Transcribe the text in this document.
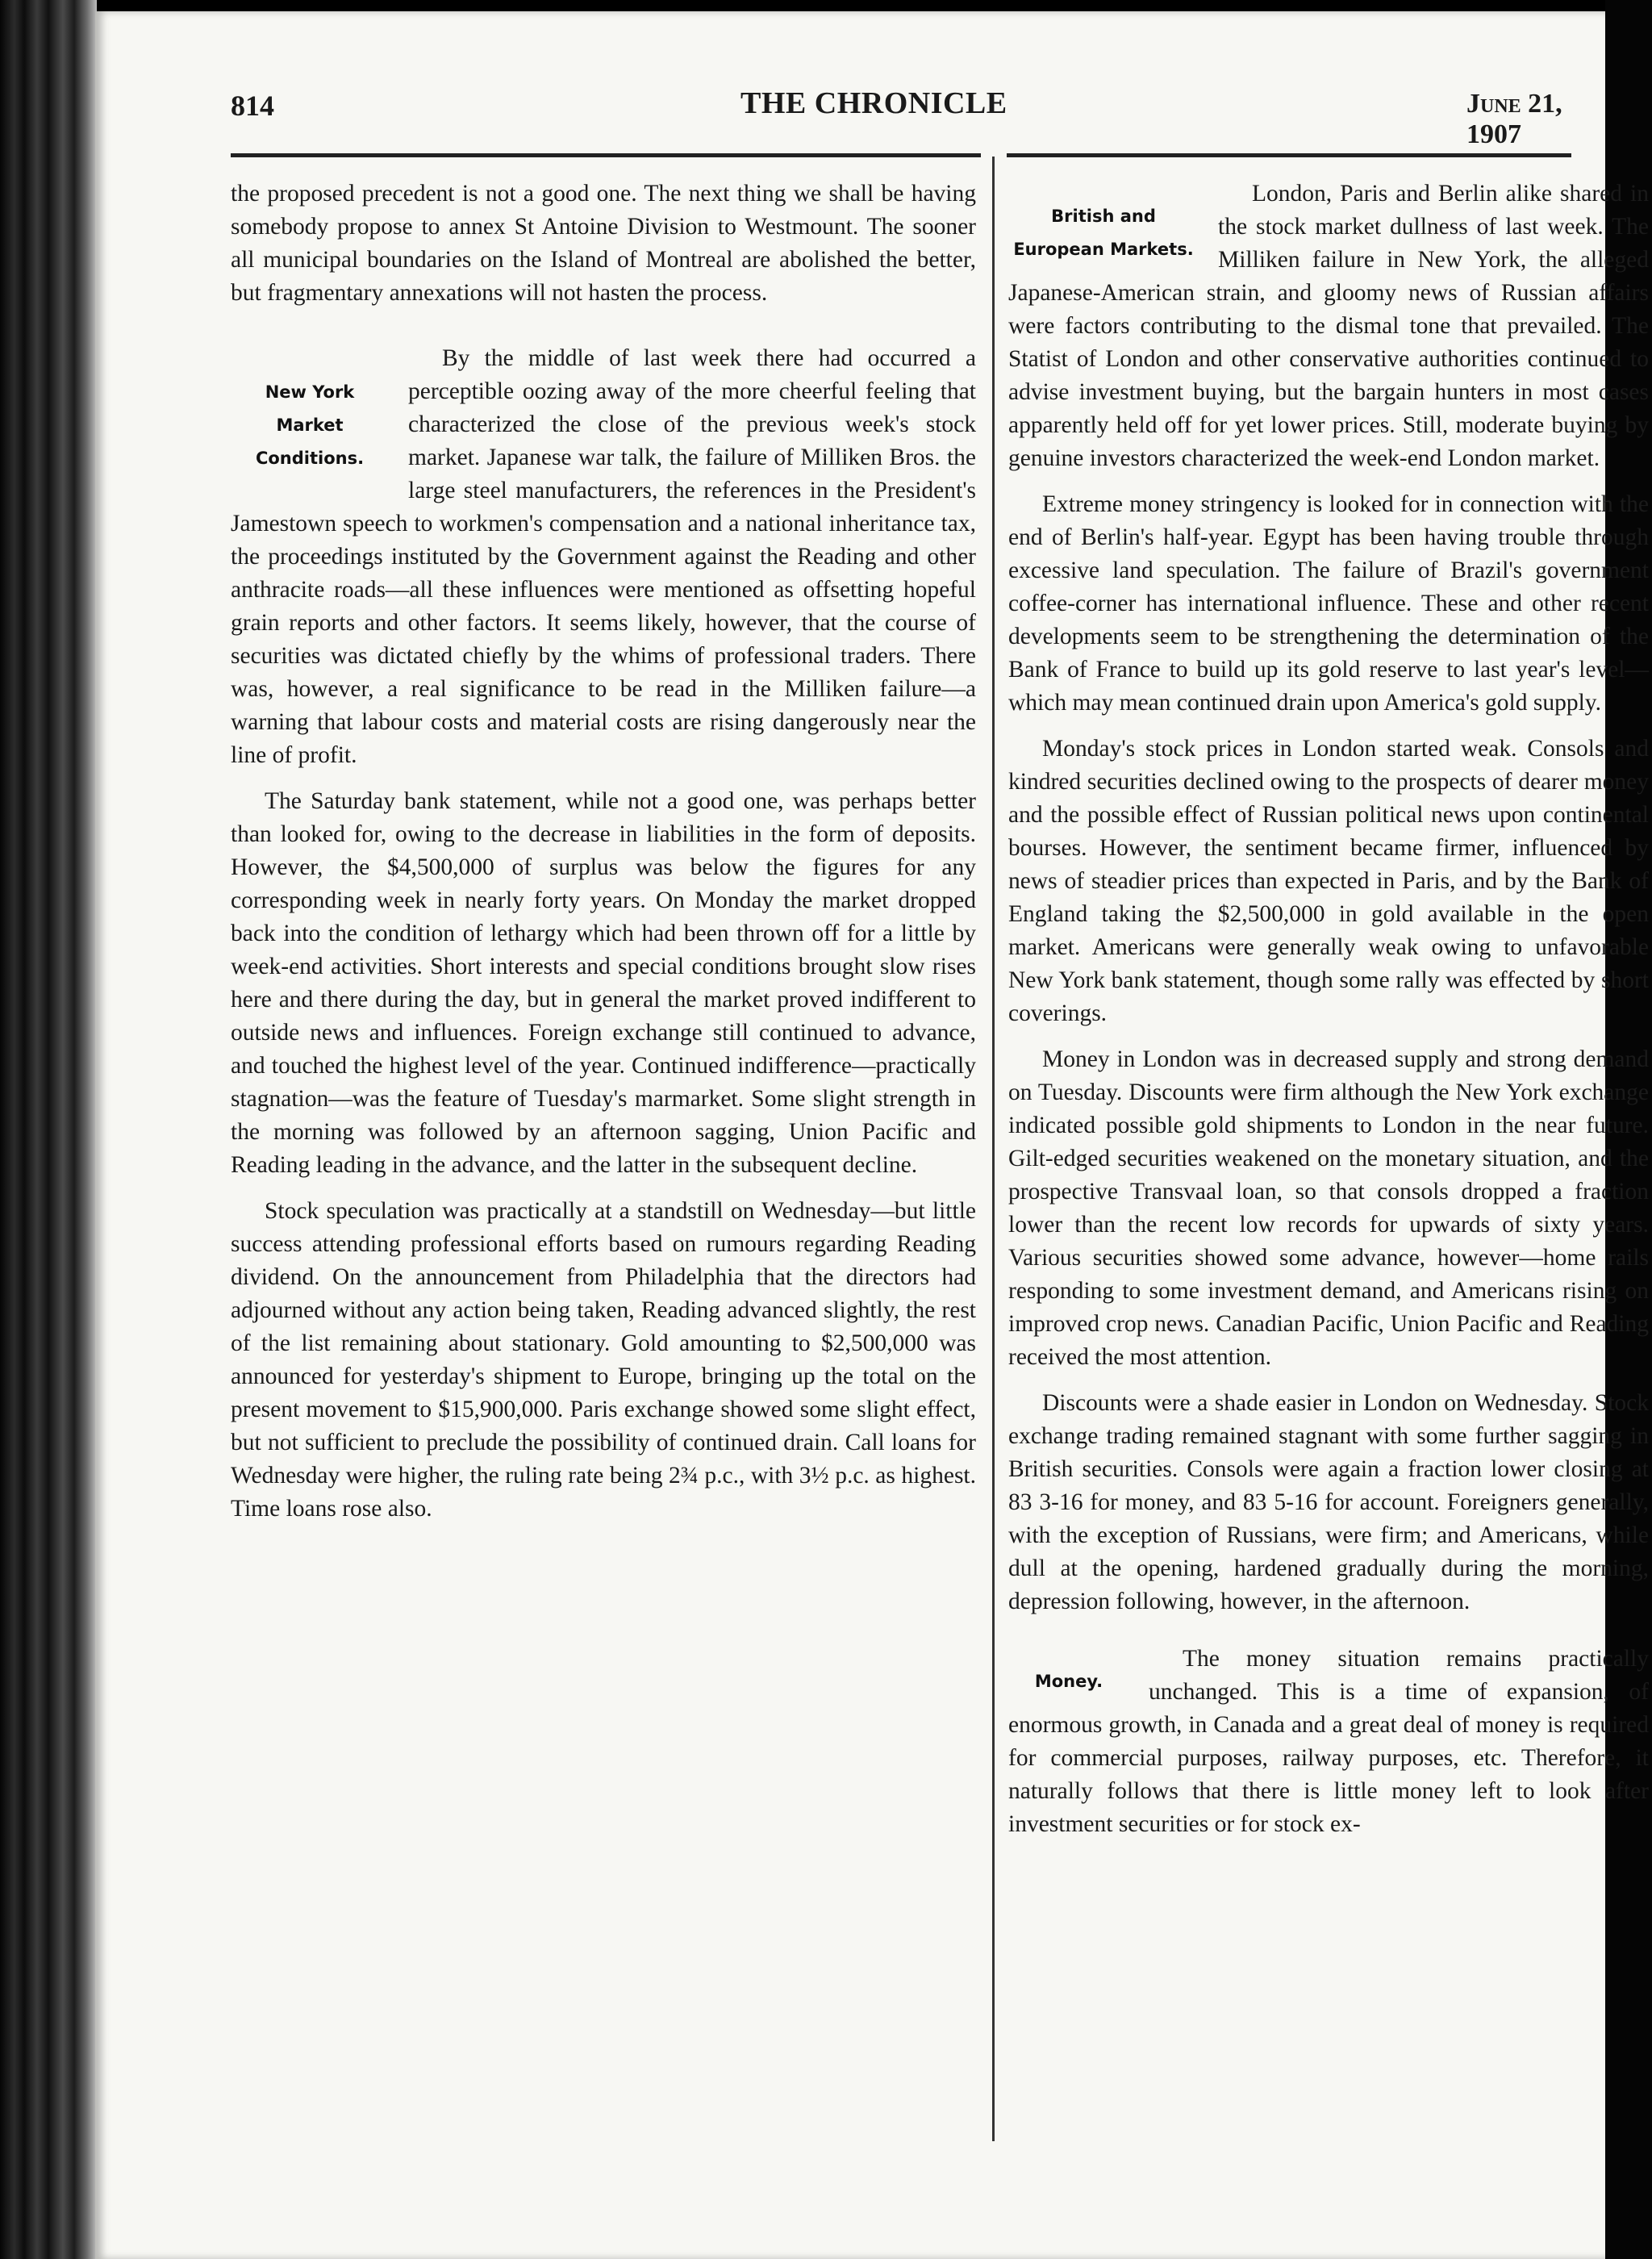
814	THE CHRONICLE	June 21, 1907

the proposed precedent is not a good one. The next thing we shall be having somebody propose to annex St Antoine Division to Westmount. The sooner all municipal boundaries on the Island of Montreal are abolished the better, but fragmentary annexations will not hasten the process.

New York
Market
Conditions.

By the middle of last week there had occurred a perceptible oozing away of the more cheerful feeling that characterized the close of the previous week's stock market. Japanese war talk, the failure of Milliken Bros. the large steel manufacturers, the references in the President's Jamestown speech to workmen's compensation and a national inheritance tax, the proceedings instituted by the Government against the Reading and other anthracite roads—all these influences were mentioned as offsetting hopeful grain reports and other factors. It seems likely, however, that the course of securities was dictated chiefly by the whims of professional traders. There was, however, a real significance to be read in the Milliken failure—a warning that labour costs and material costs are rising dangerously near the line of profit.

The Saturday bank statement, while not a good one, was perhaps better than looked for, owing to the decrease in liabilities in the form of deposits. However, the $4,500,000 of surplus was below the figures for any corresponding week in nearly forty years. On Monday the market dropped back into the condition of lethargy which had been thrown off for a little by week-end activities. Short interests and special conditions brought slow rises here and there during the day, but in general the market proved indifferent to outside news and influences. Foreign exchange still continued to advance, and touched the highest level of the year. Continued indifference—practically stagnation—was the feature of Tuesday's marmarket. Some slight strength in the morning was followed by an afternoon sagging, Union Pacific and Reading leading in the advance, and the latter in the subsequent decline.

Stock speculation was practically at a standstill on Wednesday—but little success attending professional efforts based on rumours regarding Reading dividend. On the announcement from Philadelphia that the directors had adjourned without any action being taken, Reading advanced slightly, the rest of the list remaining about stationary. Gold amounting to $2,500,000 was announced for yesterday's shipment to Europe, bringing up the total on the present movement to $15,900,000. Paris exchange showed some slight effect, but not sufficient to preclude the possibility of continued drain. Call loans for Wednesday were higher, the ruling rate being 2¾ p.c., with 3½ p.c. as highest. Time loans rose also.

British and
European Markets.

London, Paris and Berlin alike shared in the stock market dullness of last week. The Milliken failure in New York, the alleged Japanese-American strain, and gloomy news of Russian affairs were factors contributing to the dismal tone that prevailed. The Statist of London and other conservative authorities continued to advise investment buying, but the bargain hunters in most cases apparently held off for yet lower prices. Still, moderate buying by genuine investors characterized the week-end London market.

Extreme money stringency is looked for in connection with the end of Berlin's half-year. Egypt has been having trouble through excessive land speculation. The failure of Brazil's government coffee-corner has international influence. These and other recent developments seem to be strengthening the determination of the Bank of France to build up its gold reserve to last year's level—which may mean continued drain upon America's gold supply.

Monday's stock prices in London started weak. Consols and kindred securities declined owing to the prospects of dearer money and the possible effect of Russian political news upon continental bourses. However, the sentiment became firmer, influenced by news of steadier prices than expected in Paris, and by the Bank of England taking the $2,500,000 in gold available in the open market. Americans were generally weak owing to unfavorable New York bank statement, though some rally was effected by short coverings.

Money in London was in decreased supply and strong demand on Tuesday. Discounts were firm although the New York exchange indicated possible gold shipments to London in the near future. Gilt-edged securities weakened on the monetary situation, and the prospective Transvaal loan, so that consols dropped a fraction lower than the recent low records for upwards of sixty years. Various securities showed some advance, however—home rails responding to some investment demand, and Americans rising on improved crop news. Canadian Pacific, Union Pacific and Reading received the most attention.

Discounts were a shade easier in London on Wednesday. Stock exchange trading remained stagnant with some further sagging in British securities. Consols were again a fraction lower closing at 83 3-16 for money, and 83 5-16 for account. Foreigners generally, with the exception of Russians, were firm; and Americans, while dull at the opening, hardened gradually during the morning, depression following, however, in the afternoon.

Money.

The money situation remains practically unchanged. This is a time of expansion, of enormous growth, in Canada and a great deal of money is required for commercial purposes, railway purposes, etc. Therefore, it naturally follows that there is little money left to look after investment securities or for stock ex-
